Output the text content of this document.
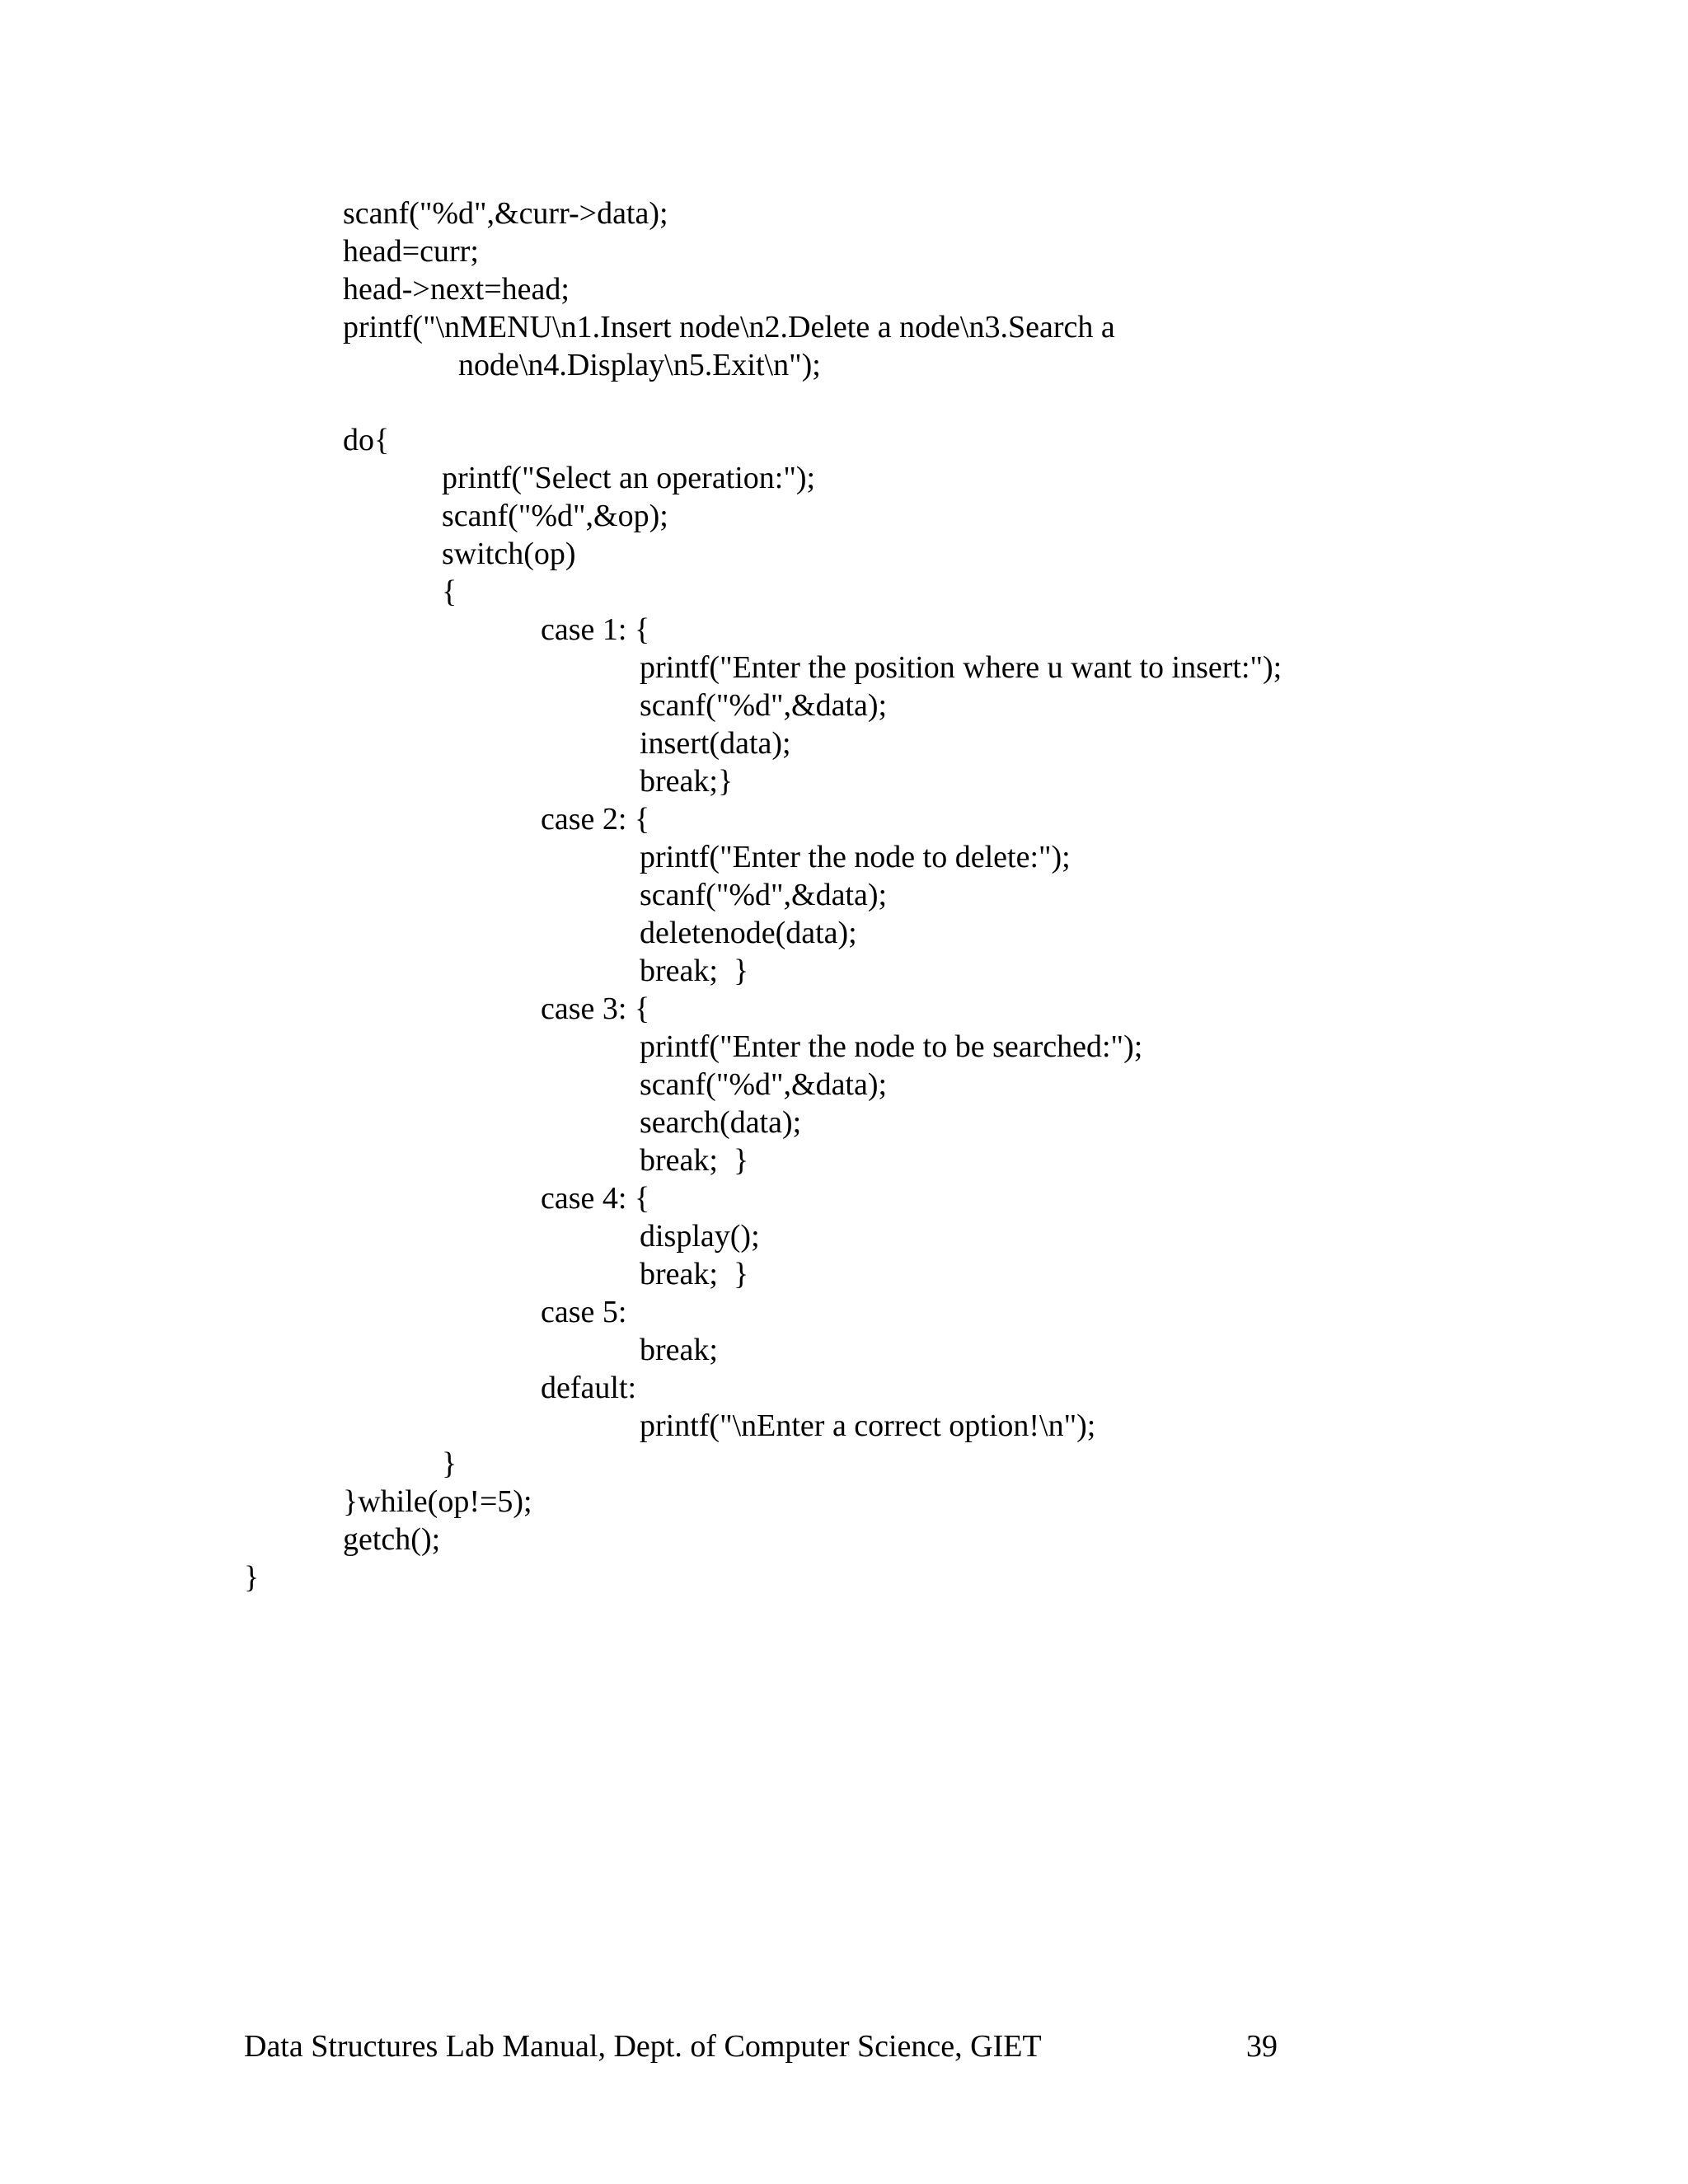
scanf("%d",&curr->data);
head=curr;
head->next=head;
printf("\nMENU\n1.Insert node\n2.Delete a node\n3.Search a
node\n4.Display\n5.Exit\n");
do{
printf("Select an operation:");
scanf("%d",&op);
switch(op)
{
case 1: {
printf("Enter the position where u want to insert:");
scanf("%d",&data);
insert(data);
break;}
case 2: {
printf("Enter the node to delete:");
scanf("%d",&data);
deletenode(data);
break;  }
case 3: {
printf("Enter the node to be searched:");
scanf("%d",&data);
search(data);
break;  }
case 4: {
display();
break;  }
case 5:
break;
default:
printf("\nEnter a correct option!\n");
}
}while(op!=5);
getch();
}
Data Structures Lab Manual, Dept. of Computer Science, GIET	39
